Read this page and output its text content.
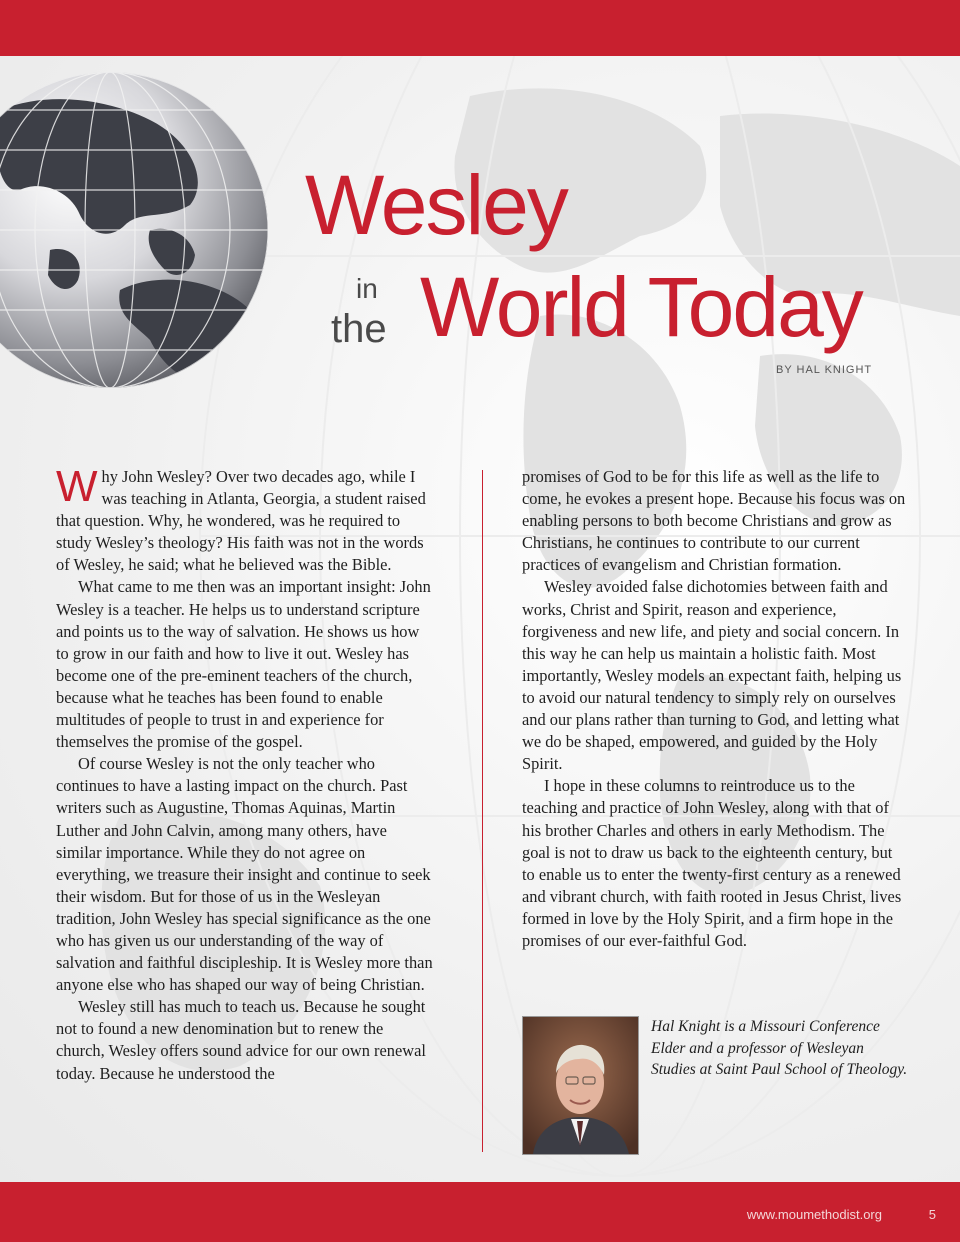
Wesley
in
the World Today
BY HAL KNIGHT

Why John Wesley? Over two decades ago, while I was teaching in Atlanta, Georgia, a student raised that question. Why, he wondered, was he required to study Wesley’s theology? His faith was not in the words of Wesley, he said; what he believed was the Bible.

What came to me then was an important insight: John Wesley is a teacher. He helps us to understand scripture and points us to the way of salvation. He shows us how to grow in our faith and how to live it out. Wesley has become one of the pre-eminent teachers of the church, because what he teaches has been found to enable multitudes of people to trust in and experience for themselves the promise of the gospel.

Of course Wesley is not the only teacher who continues to have a lasting impact on the church. Past writers such as Augustine, Thomas Aquinas, Martin Luther and John Calvin, among many others, have similar importance. While they do not agree on everything, we treasure their insight and continue to seek their wisdom. But for those of us in the Wesleyan tradition, John Wesley has special significance as the one who has given us our understanding of the way of salvation and faithful discipleship. It is Wesley more than anyone else who has shaped our way of being Christian.

Wesley still has much to teach us. Because he sought not to found a new denomination but to renew the church, Wesley offers sound advice for our own renewal today. Because he understood the

promises of God to be for this life as well as the life to come, he evokes a present hope. Because his focus was on enabling persons to both become Christians and grow as Christians, he continues to contribute to our current practices of evangelism and Christian formation.

Wesley avoided false dichotomies between faith and works, Christ and Spirit, reason and experience, forgiveness and new life, and piety and social concern. In this way he can help us maintain a holistic faith. Most importantly, Wesley models an expectant faith, helping us to avoid our natural tendency to simply rely on ourselves and our plans rather than turning to God, and letting what we do be shaped, empowered, and guided by the Holy Spirit.

I hope in these columns to reintroduce us to the teaching and practice of John Wesley, along with that of his brother Charles and others in early Methodism. The goal is not to draw us back to the eighteenth century, but to enable us to enter the twenty-first century as a renewed and vibrant church, with faith rooted in Jesus Christ, lives formed in love by the Holy Spirit, and a firm hope in the promises of our ever-faithful God.

Hal Knight is a Missouri Conference Elder and a professor of Wesleyan Studies at Saint Paul School of Theology.
www.moumethodist.org	5
